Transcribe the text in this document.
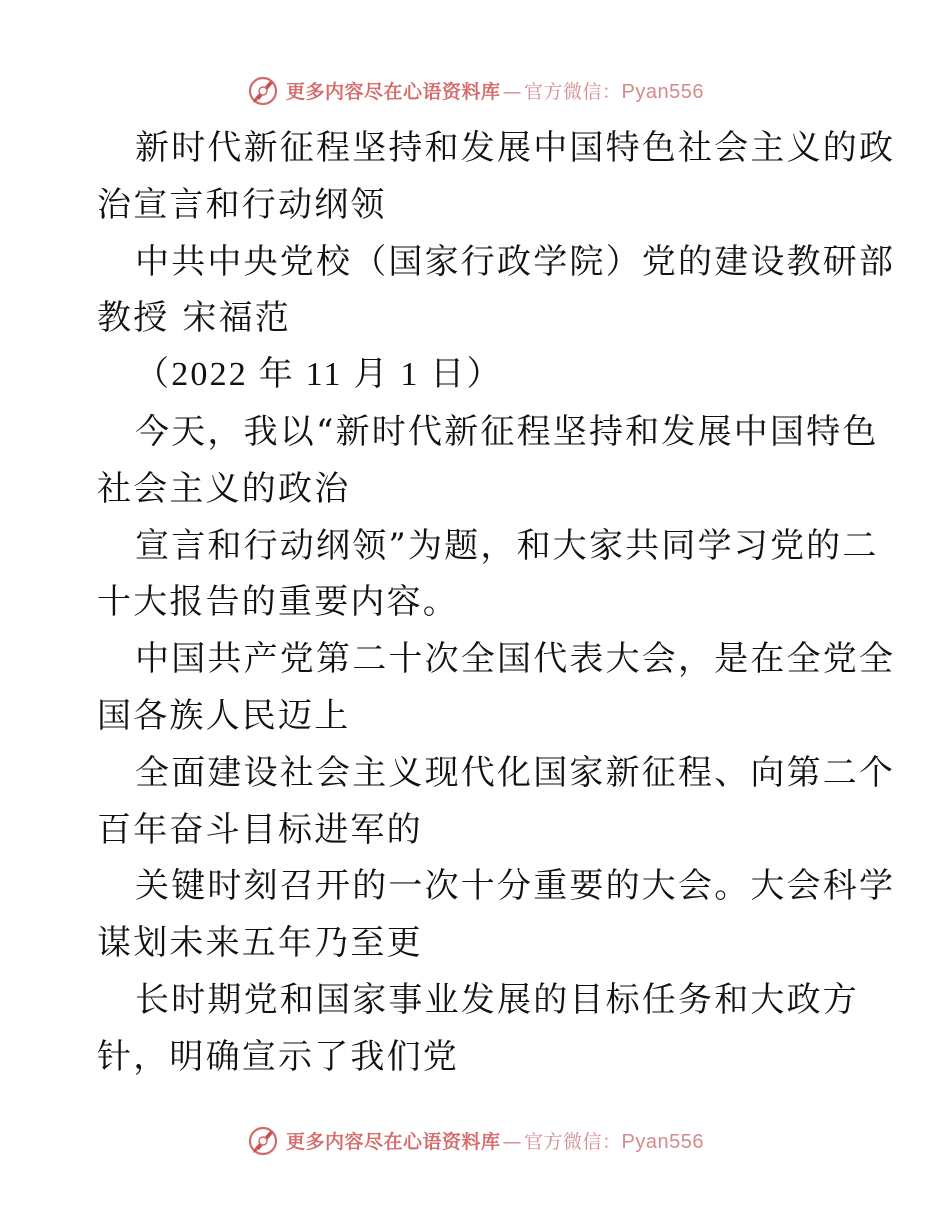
更多内容尽在心语资料库 — 官方微信： Pyan556
新时代新征程坚持和发展中国特色社会主义的政
治宣言和行动纲领
中共中央党校（国家行政学院）党的建设教研部
教授 宋福范
（2022 年 11 月 1 日）
今天，我以“新时代新征程坚持和发展中国特色
社会主义的政治
宣言和行动纲领”为题，和大家共同学习党的二
十大报告的重要内容。
中国共产党第二十次全国代表大会，是在全党全
国各族人民迈上
全面建设社会主义现代化国家新征程、向第二个
百年奋斗目标进军的
关键时刻召开的一次十分重要的大会。大会科学
谋划未来五年乃至更
长时期党和国家事业发展的目标任务和大政方
针，明确宣示了我们党
更多内容尽在心语资料库 — 官方微信： Pyan556
